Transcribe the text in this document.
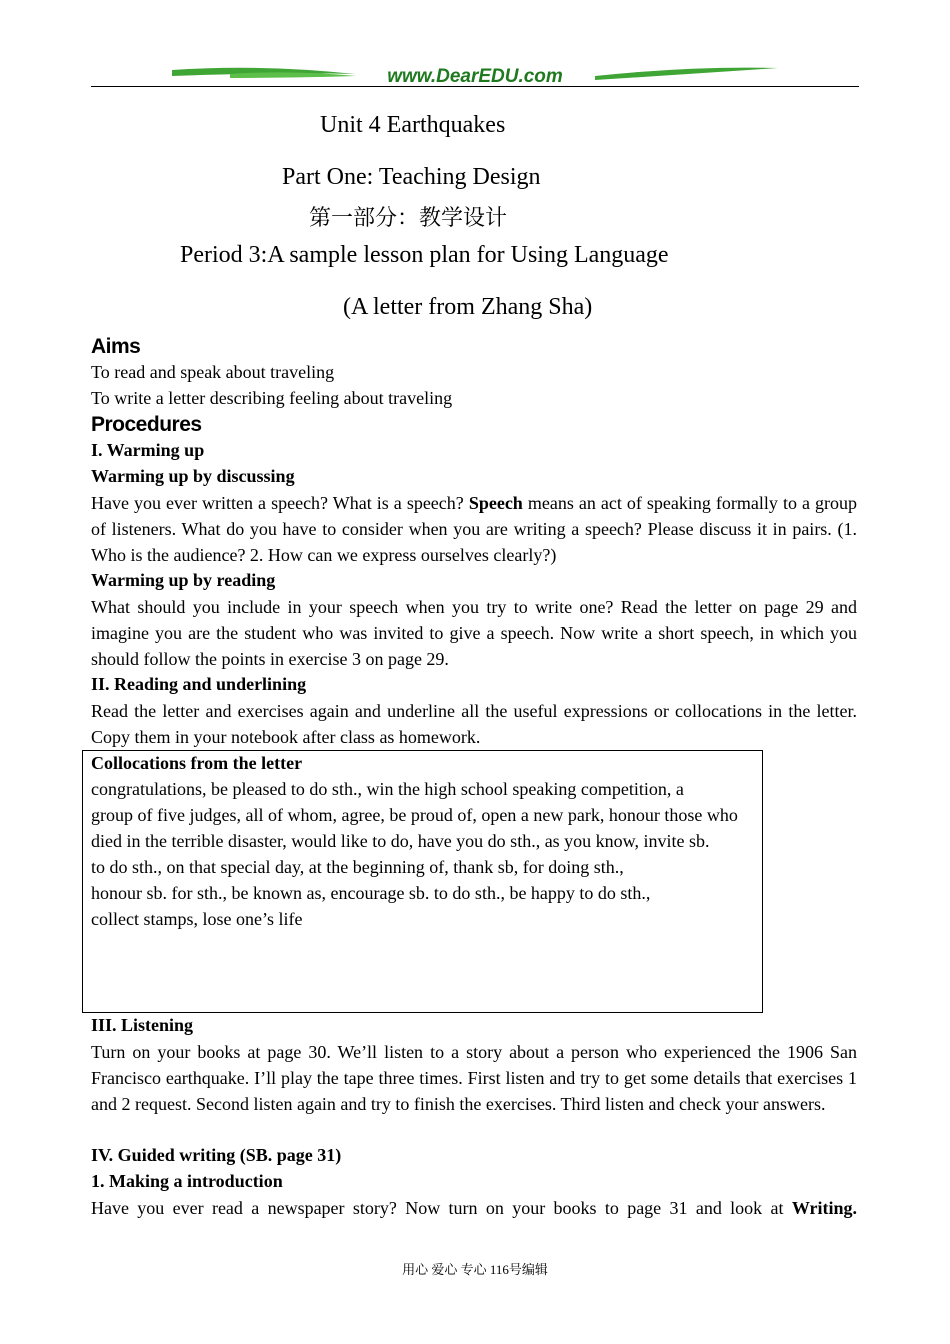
www.DearEDU.com
Unit 4 Earthquakes
Part One: Teaching Design
第一部分：教学设计
Period 3:A sample lesson plan for Using Language
(A letter from Zhang Sha)
Aims
To read and speak about traveling
To write a letter describing feeling about traveling
Procedures
I. Warming up
Warming up by discussing
Have you ever written a speech? What is a speech? Speech means an act of speaking formally to a group of listeners. What do you have to consider when you are writing a speech? Please discuss it in pairs. (1. Who is the audience? 2. How can we express ourselves clearly?)
Warming up by reading
What should you include in your speech when you try to write one? Read the letter on page 29 and imagine you are the student who was invited to give a speech. Now write a short speech, in which you should follow the points in exercise 3 on page 29.
II. Reading and underlining
Read the letter and exercises again and underline all the useful expressions or collocations in the letter. Copy them in your notebook after class as homework.
Collocations from the letter
congratulations, be pleased to do sth., win the high school speaking competition, a
group of five judges, all of whom, agree, be proud of, open a new park, honour those who
died in the terrible disaster, would like to do, have you do sth., as you know, invite sb.
to do sth., on that special day, at the beginning of, thank sb, for doing sth.,
honour sb. for sth., be known as, encourage sb. to do sth., be happy to do sth.,
collect stamps, lose one’s life
III. Listening
Turn on your books at page 30. We’ll listen to a story about a person who experienced the 1906 San Francisco earthquake. I’ll play the tape three times. First listen and try to get some details that exercises 1 and 2 request. Second listen again and try to finish the exercises. Third listen and check your answers.
IV. Guided writing (SB. page 31)
1. Making a introduction
Have you ever read a newspaper story? Now turn on your books to page 31 and look at Writing.
用心 爱心 专心 116号编辑
